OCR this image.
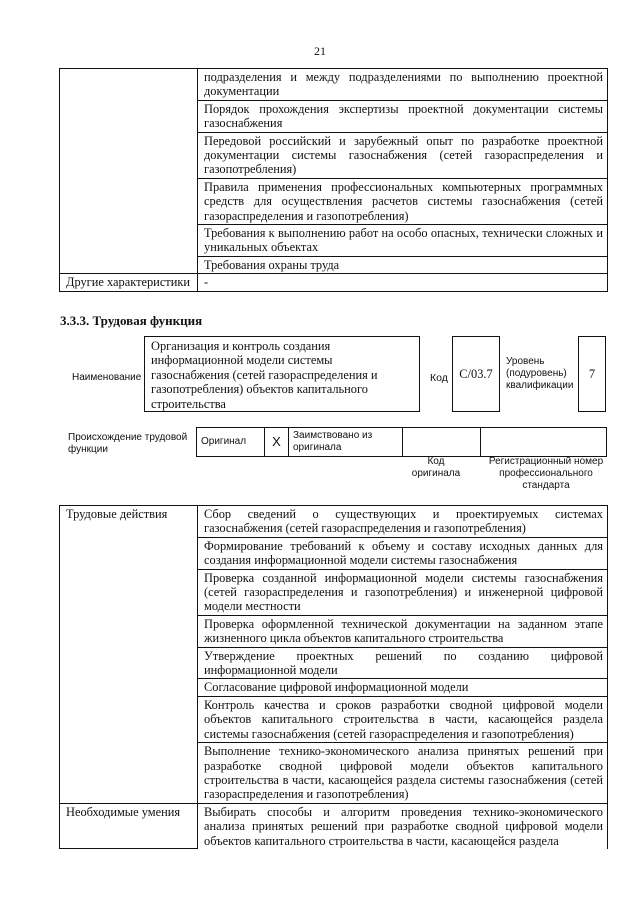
21
	подразделения и между подразделениями по выполнению проектной документации
	Порядок прохождения экспертизы проектной документации системы газоснабжения
	Передовой российский и зарубежный опыт по разработке проектной документации системы газоснабжения (сетей газораспределения и газопотребления)
	Правила применения профессиональных компьютерных программных средств для осуществления расчетов системы газоснабжения (сетей газораспределения и газопотребления)
	Требования к выполнению работ на особо опасных, технически сложных и уникальных объектах
	Требования охраны труда
Другие характеристики	-
3.3.3. Трудовая функция
Наименование
Организация и контроль создания информационной модели системы газоснабжения (сетей газораспределения и газопотребления) объектов капитального строительства
Код С/03.7
Уровень (подуровень) квалификации
7
Происхождение трудовой функции
Оригинал	X	Заимствовано из оригинала		
Код оригинала
Регистрационный номер профессионального стандарта
Трудовые действия	Сбор сведений о существующих и проектируемых системах газоснабжения (сетей газораспределения и газопотребления)
	Формирование требований к объему и составу исходных данных для создания информационной модели системы газоснабжения
	Проверка созданной информационной модели системы газоснабжения (сетей газораспределения и газопотребления) и инженерной цифровой модели местности
	Проверка оформленной технической документации на заданном этапе жизненного цикла объектов капитального строительства
	Утверждение проектных решений по созданию цифровой информационной модели
	Согласование цифровой информационной модели
	Контроль качества и сроков разработки сводной цифровой модели объектов капитального строительства в части, касающейся раздела системы газоснабжения (сетей газораспределения и газопотребления)
	Выполнение технико-экономического анализа принятых решений при разработке сводной цифровой модели объектов капитального строительства в части, касающейся раздела системы газоснабжения (сетей газораспределения и газопотребления)
Необходимые умения	Выбирать способы и алгоритм проведения технико-экономического анализа принятых решений при разработке сводной цифровой модели объектов капитального строительства в части, касающейся раздела
